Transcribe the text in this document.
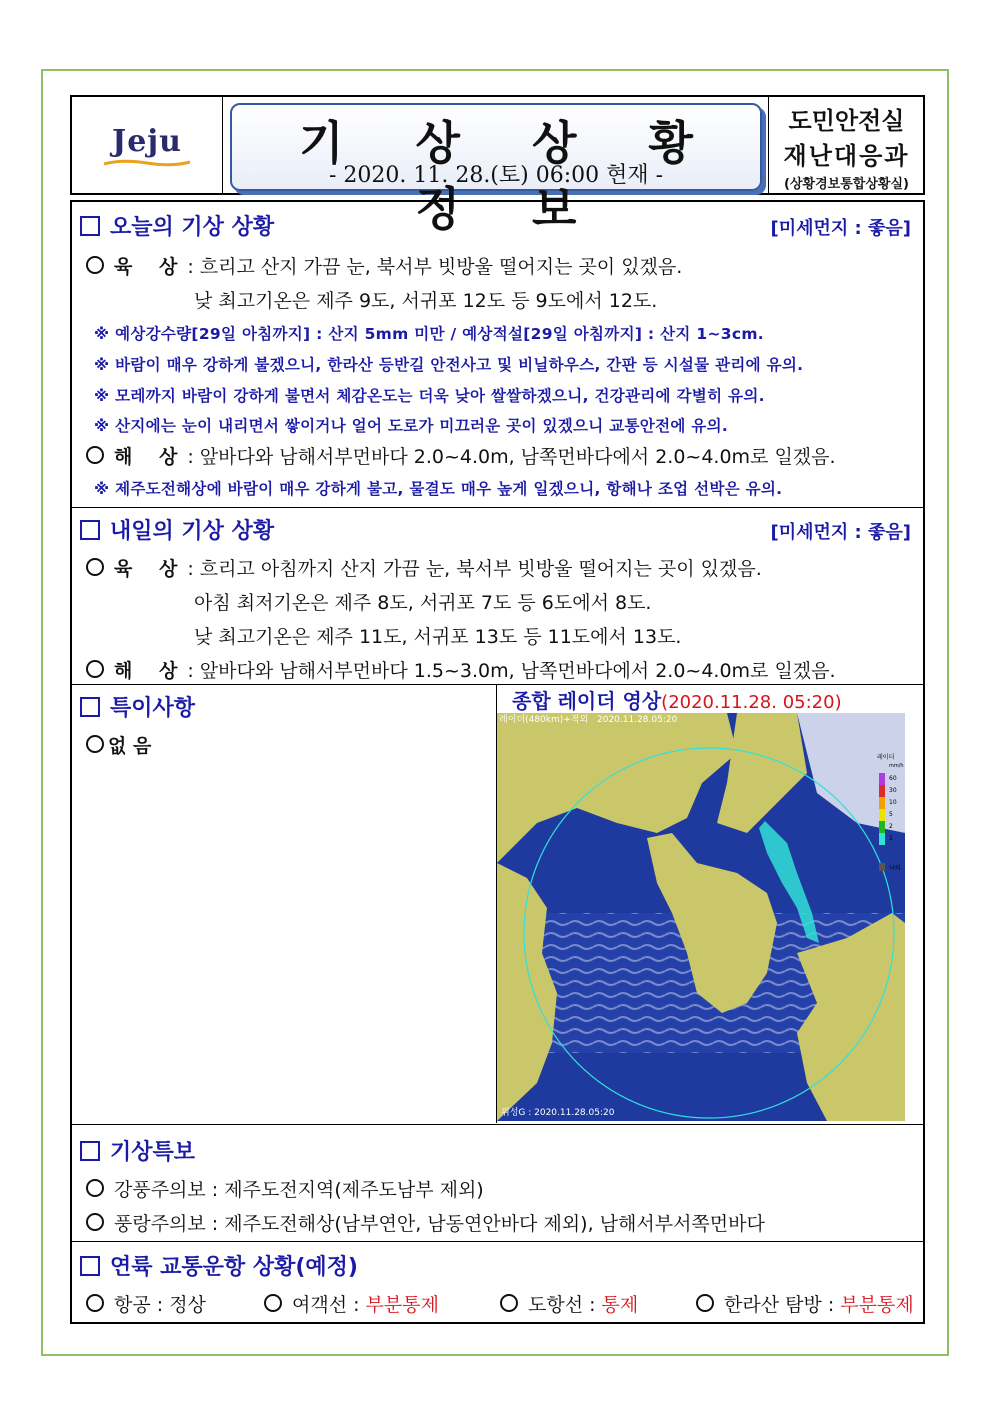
Jeju	기 상 상 황 정 보
- 2020. 11. 28.(토) 06:00 현재 -
도민안전실
재난대응과
(상황경보통합상황실)
오늘의 기상 상황	[미세먼지 : 좋음]
육 상: 흐리고 산지 가끔 눈, 북서부 빗방울 떨어지는 곳이 있겠음.
낮 최고기온은 제주 9도, 서귀포 12도 등 9도에서 12도.
※ 예상강수량[29일 아침까지] : 산지 5mm 미만 / 예상적설[29일 아침까지] : 산지 1~3cm.
※ 바람이 매우 강하게 불겠으니, 한라산 등반길 안전사고 및 비닐하우스, 간판 등 시설물 관리에 유의.
※ 모레까지 바람이 강하게 불면서 체감온도는 더욱 낮아 쌀쌀하겠으니, 건강관리에 각별히 유의.
※ 산지에는 눈이 내리면서 쌓이거나 얼어 도로가 미끄러운 곳이 있겠으니 교통안전에 유의.
해 상: 앞바다와 남해서부먼바다 2.0~4.0m, 남쪽먼바다에서 2.0~4.0m로 일겠음.
※ 제주도전해상에 바람이 매우 강하게 불고, 물결도 매우 높게 일겠으니, 항해나 조업 선박은 유의.
내일의 기상 상황	[미세먼지 : 좋음]
육 상: 흐리고 아침까지 산지 가끔 눈, 북서부 빗방울 떨어지는 곳이 있겠음.
아침 최저기온은 제주 8도, 서귀포 7도 등 6도에서 8도.
낮 최고기온은 제주 11도, 서귀포 13도 등 11도에서 13도.
해 상: 앞바다와 남해서부먼바다 1.5~3.0m, 남쪽먼바다에서 2.0~4.0m로 일겠음.
특이사항
없 음
종합 레이더 영상(2020.11.28. 05:20)
레이더(480km)+적외 2020.11.28.05:20
위성G : 2020.11.28.05:20
레이더
mm/h
60
30
10
5
2
1
낙뢰
기상특보
강풍주의보 : 제주도전지역(제주도남부 제외)
풍랑주의보 : 제주도전해상(남부연안, 남동연안바다 제외), 남해서부서쪽먼바다
연륙 교통운항 상황(예정)
항공 : 정상	여객선 : 부분통제	도항선 : 통제	한라산 탐방 : 부분통제
